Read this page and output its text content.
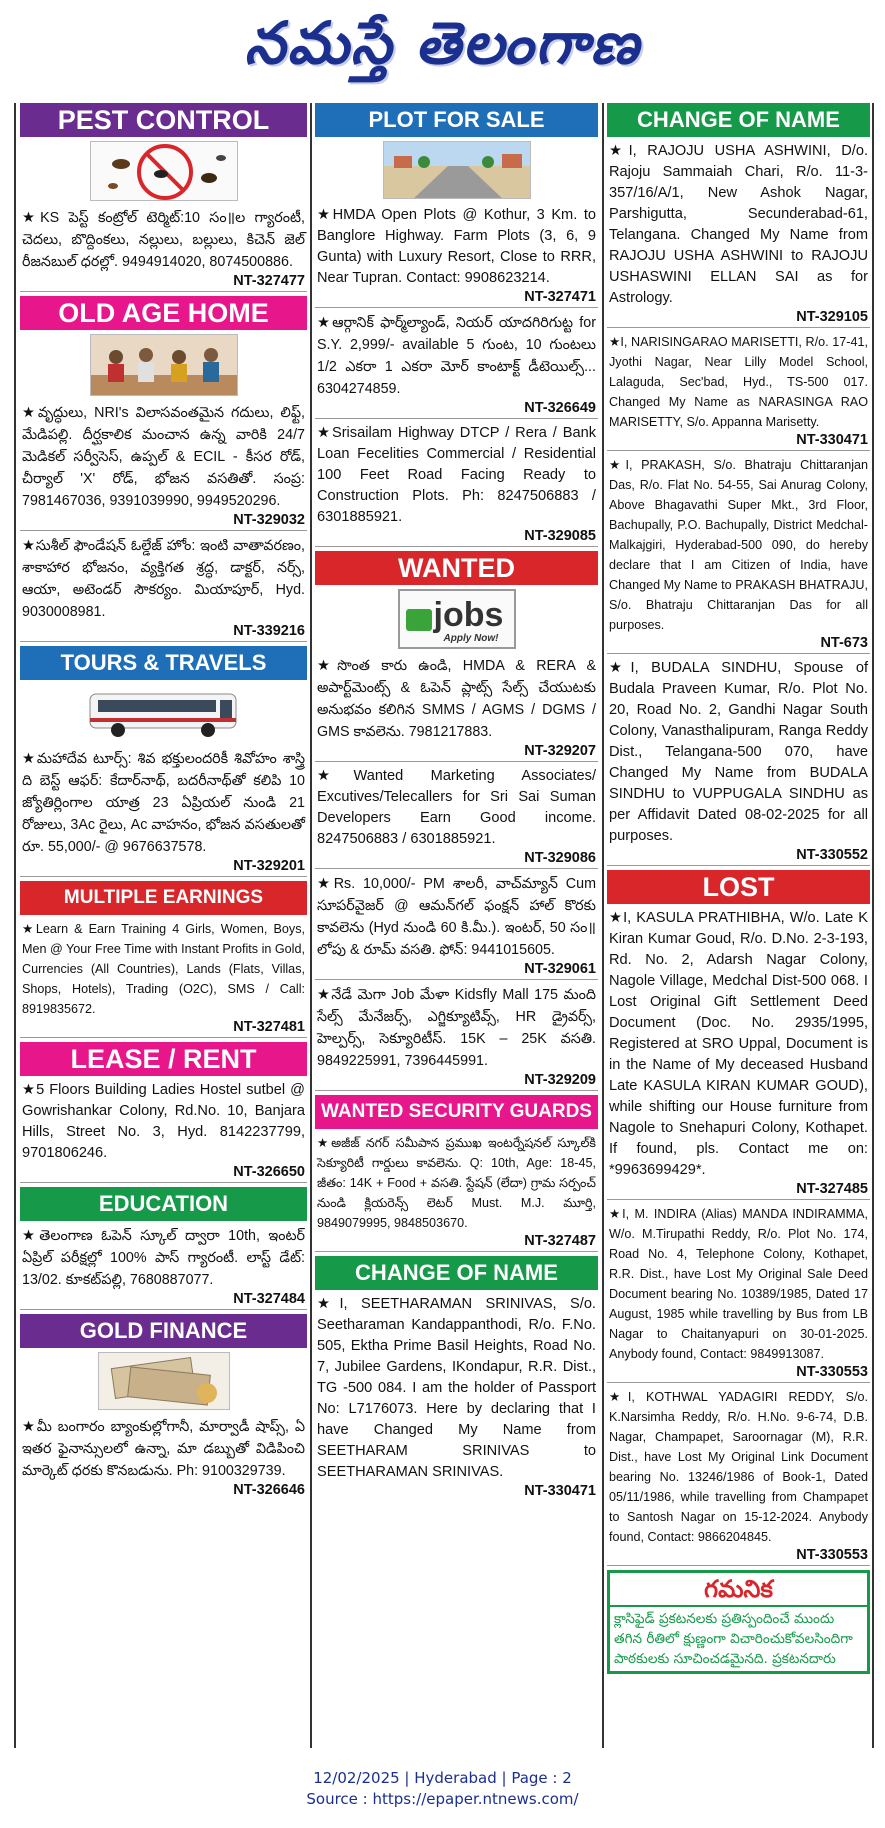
నమస్తే తెలంగాణ
PEST CONTROL
★KS పెస్ట్ కంట్రోల్ టెర్మిట్:10 సం॥ల గ్యారంటీ, చెదలు, బొద్దింకలు, నల్లులు, బల్లులు, కిచెన్ జెల్ రీజనబుల్ ధరల్లో. 9494914020, 8074500886.
NT-327477
OLD AGE HOME
★వృద్ధులు, NRI's విలాసవంతమైన గదులు, లిఫ్ట్, మేడిపల్లి. దీర్ఘకాలిక మంచాన ఉన్న వారికి 24/7 మెడికల్ సర్వీసెస్, ఉప్పల్ & ECIL - కీసర రోడ్, చీర్యాల్ 'X' రోడ్, భోజన వసతితో. సంప్ర: 7981467036, 9391039990, 9949520296.
NT-329032
★సుశీల్ ఫౌండేషన్ ఓల్డేజ్ హోం: ఇంటి వాతావరణం, శాకాహార భోజనం, వ్యక్తిగత శ్రద్ధ, డాక్టర్, నర్స్, ఆయా, అటెండర్ సౌకర్యం. మియాపూర్, Hyd. 9030008981.
NT-339216
TOURS & TRAVELS
★మహాదేవ టూర్స్: శివ భక్తులందరికీ శివోహం శాస్త్రి ది బెస్ట్ ఆఫర్: కేదార్‌నాథ్, బదరీనాథ్‌తో కలిపి 10 జ్యోతిర్లింగాల యాత్ర 23 ఏప్రియల్ నుండి 21 రోజులు, 3Ac రైలు, Ac వాహనం, భోజన వసతులతో రూ. 55,000/- @ 9676637578.
NT-329201
MULTIPLE EARNINGS
★Learn & Earn Training 4 Girls, Women, Boys, Men @ Your Free Time with Instant Profits in Gold, Currencies (All Countries), Lands (Flats, Villas, Shops, Hotels), Trading (O2C), SMS / Call: 8919835672.
NT-327481
LEASE / RENT
★5 Floors Building Ladies Hostel sutbel @ Gowrishankar Colony, Rd.No. 10, Banjara Hills, Street No. 3, Hyd. 8142237799, 9701806246.
NT-326650
EDUCATION
★తెలంగాణ ఓపెన్ స్కూల్ ద్వారా 10th, ఇంటర్ ఏప్రిల్ పరీక్షల్లో 100% పాస్ గ్యారంటీ. లాస్ట్ డేట్: 13/02. కూకట్‌పల్లి, 7680887077.
NT-327484
GOLD FINANCE
★మీ బంగారం బ్యాంకుల్లోగానీ, మార్వాడీ షాప్స్, ఏ ఇతర ఫైనాన్సులలో ఉన్నా, మా డబ్బుతో విడిపించి మార్కెట్ ధరకు కొనబడును. Ph: 9100329739.
NT-326646
PLOT FOR SALE
★HMDA Open Plots @ Kothur, 3 Km. to Banglore Highway. Farm Plots (3, 6, 9 Gunta) with Luxury Resort, Close to RRR, Near Tupran. Contact: 9908623214.
NT-327471
★ఆర్గానిక్ ఫార్మ్‌ల్యాండ్, నియర్ యాదగిరిగుట్ట for S.Y. 2,999/- available 5 గుంట, 10 గుంటలు 1/2 ఎకరా 1 ఎకరా మోర్ కాంటాక్ట్ డీటెయిల్స్... 6304274859.
NT-326649
★Srisailam Highway DTCP / Rera / Bank Loan Fecelities Commercial / Residential 100 Feet Road Facing Ready to Construction Plots. Ph: 8247506883 / 6301885921.
NT-329085
WANTED
jobs
Apply Now!
★సొంత కారు ఉండి, HMDA & RERA & అపార్ట్‌మెంట్స్ & ఓపెన్ ప్లాట్స్ సేల్స్ చేయుటకు అనుభవం కలిగిన SMMS / AGMS / DGMS / GMS కావలెను. 7981217883.
NT-329207
★Wanted Marketing Associates/ Excutives/Telecallers for Sri Sai Suman Developers Earn Good income. 8247506883 / 6301885921.
NT-329086
★Rs. 10,000/- PM శాలరీ, వాచ్‌మ్యాన్ Cum సూపర్‌వైజర్ @ ఆమన్‌గల్ ఫంక్షన్ హాల్ కొరకు కావలెను (Hyd నుండి 60 కి.మీ.). ఇంటర్, 50 సం॥లోపు & రూమ్ వసతి. ఫోన్: 9441015605.
NT-329061
★నేడే మెగా Job మేళా Kidsfly Mall 175 మంది సేల్స్ మేనేజర్స్, ఎగ్జిక్యూటివ్స్, HR డ్రైవర్స్, హెల్పర్స్, సెక్యూరిటీస్. 15K – 25K వసతి. 9849225991, 7396445991.
NT-329209
WANTED SECURITY GUARDS
★అజీజ్ నగర్ సమీపాన ప్రముఖ ఇంటర్నేషనల్ స్కూల్‌కి సెక్యూరిటీ గార్డులు కావలెను. Q: 10th, Age: 18-45, జీతం: 14K + Food + వసతి. స్టేషన్ (లేదా) గ్రామ సర్పంచ్ నుండి క్లియరెన్స్ లెటర్ Must. M.J. మూర్తి, 9849079995, 9848503670.
NT-327487
CHANGE OF NAME
★I, SEETHARAMAN SRINIVAS, S/o. Seetharaman Kandappanthodi, R/o. F.No. 505, Ektha Prime Basil Heights, Road No. 7, Jubilee Gardens, IKondapur, R.R. Dist., TG -500 084. I am the holder of Passport No: L7176073. Here by declaring that I have Changed My Name from SEETHARAM SRINIVAS to SEETHARAMAN SRINIVAS.
NT-330471
CHANGE OF NAME
★I, RAJOJU USHA ASHWINI, D/o. Rajoju Sammaiah Chari, R/o. 11-3-357/16/A/1, New Ashok Nagar, Parshigutta, Secunderabad-61, Telangana. Changed My Name from RAJOJU USHA ASHWINI to RAJOJU USHASWINI ELLAN SAI as for Astrology.
NT-329105
★I, NARISINGARAO MARISETTI, R/o. 17-41, Jyothi Nagar, Near Lilly Model School, Lalaguda, Sec'bad, Hyd., TS-500 017. Changed My Name as NARASINGA RAO MARISETTY, S/o. Appanna Marisetty.
NT-330471
★I, PRAKASH, S/o. Bhatraju Chittaranjan Das, R/o. Flat No. 54-55, Sai Anurag Colony, Above Bhagavathi Super Mkt., 3rd Floor, Bachupally, P.O. Bachupally, District Medchal-Malkajgiri, Hyderabad-500 090, do hereby declare that I am Citizen of India, have Changed My Name to PRAKASH BHATRAJU, S/o. Bhatraju Chittaranjan Das for all purposes.
NT-673
★I, BUDALA SINDHU, Spouse of Budala Praveen Kumar, R/o. Plot No. 20, Road No. 2, Gandhi Nagar South Colony, Vanasthalipuram, Ranga Reddy Dist., Telangana-500 070, have Changed My Name from BUDALA SINDHU to VUPPUGALA SINDHU as per Affidavit Dated 08-02-2025 for all purposes.
NT-330552
LOST
★I, KASULA PRATHIBHA, W/o. Late K Kiran Kumar Goud, R/o. D.No. 2-3-193, Rd. No. 2, Adarsh Nagar Colony, Nagole Village, Medchal Dist-500 068. I Lost Original Gift Settlement Deed Document (Doc. No. 2935/1995, Registered at SRO Uppal, Document is in the Name of My deceased Husband Late KASULA KIRAN KUMAR GOUD), while shifting our House furniture from Nagole to Snehapuri Colony, Kothapet. If found, pls. Contact me on: *9963699429*.
NT-327485
★I, M. INDIRA (Alias) MANDA INDIRAMMA, W/o. M.Tirupathi Reddy, R/o. Plot No. 174, Road No. 4, Telephone Colony, Kothapet, R.R. Dist., have Lost My Original Sale Deed Document bearing No. 10389/1985, Dated 17 August, 1985 while travelling by Bus from LB Nagar to Chaitanyapuri on 30-01-2025. Anybody found, Contact: 9849913087.
NT-330553
★I, KOTHWAL YADAGIRI REDDY, S/o. K.Narsimha Reddy, R/o. H.No. 9-6-74, D.B. Nagar, Champapet, Saroornagar (M), R.R. Dist., have Lost My Original Link Document bearing No. 13246/1986 of Book-1, Dated 05/11/1986, while travelling from Champapet to Santosh Nagar on 15-12-2024. Anybody found, Contact: 9866204845.
NT-330553
గమనిక
క్లాసిఫైడ్ ప్రకటనలకు ప్రతిస్పందించే ముందు తగిన రీతిలో క్షుణ్ణంగా విచారించుకోవలసిందిగా పాఠకులకు సూచించడమైనది. ప్రకటనదారు
12/02/2025 | Hyderabad | Page : 2
Source : https://epaper.ntnews.com/
